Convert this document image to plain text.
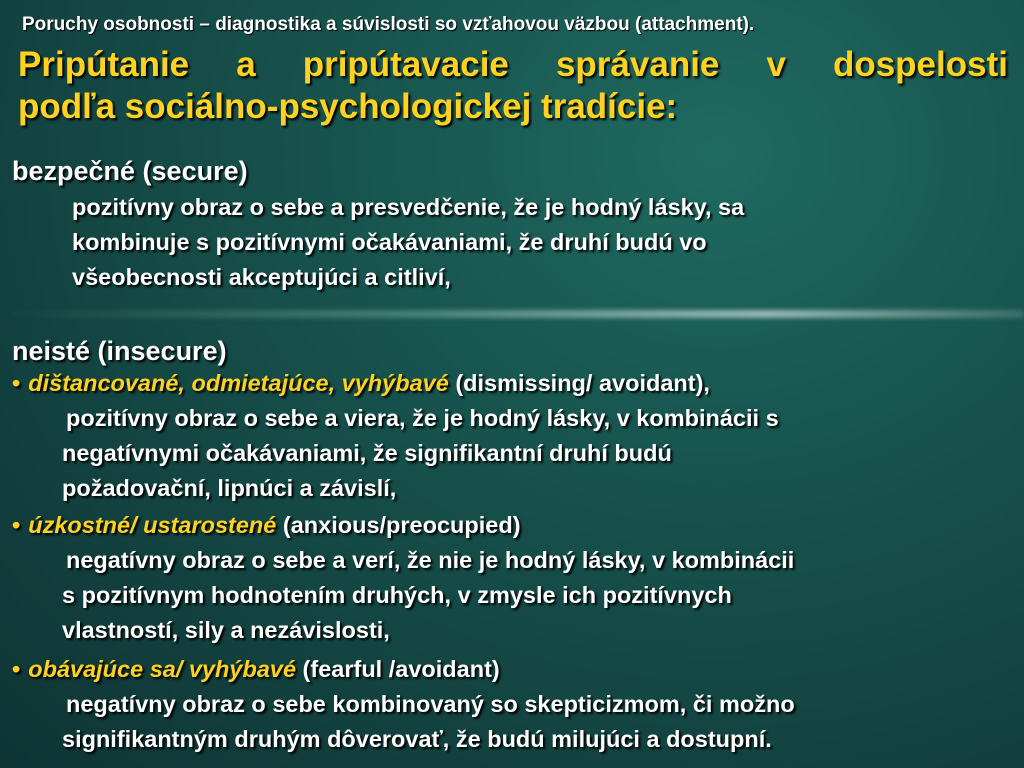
Poruchy osobnosti – diagnostika a súvislosti so vzťahovou väzbou (attachment).
Pripútanie a pripútavacie správanie v dospelosti
podľa sociálno-psychologickej tradície:
bezpečné (secure)
pozitívny obraz o sebe a presvedčenie, že je hodný lásky, sa
kombinuje s pozitívnymi očakávaniami, že druhí budú vo
všeobecnosti akceptujúci a citliví,
neisté (insecure)
• dištancované, odmietajúce, vyhýbavé (dismissing/ avoidant),
pozitívny obraz o sebe a viera, že je hodný lásky, v kombinácii s
negatívnymi očakávaniami, že signifikantní druhí budú
požadovační, lipnúci a závislí,
• úzkostné/ ustarostené (anxious/preocupied)
negatívny obraz o sebe a verí, že nie je hodný lásky, v kombinácii
s pozitívnym hodnotením druhých, v zmysle ich pozitívnych
vlastností, sily a nezávislosti,
• obávajúce sa/ vyhýbavé (fearful /avoidant)
negatívny obraz o sebe kombinovaný so skepticizmom, či možno
signifikantným druhým dôverovať, že budú milujúci a dostupní.
